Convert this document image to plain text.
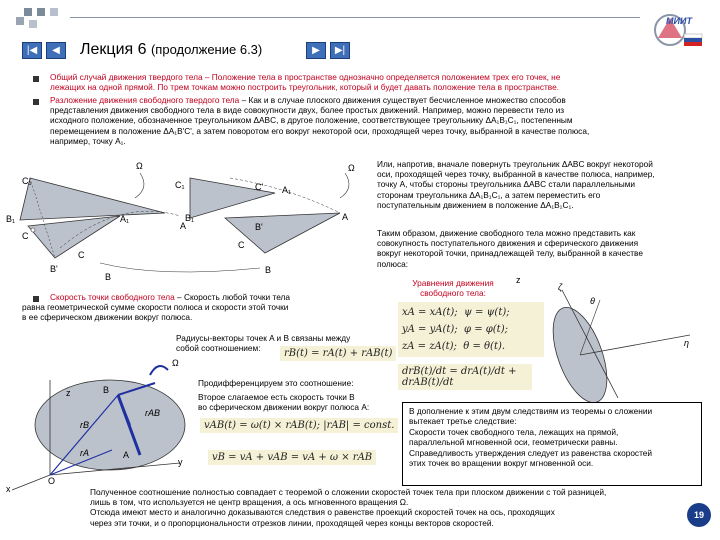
МИИТ
|◀	◀	Лекция 6 (продолжение 6.3)	▶	▶|
Общий случай движения твердого тела – Положение тела в пространстве однозначно определяется положением трех его точек, не
лежащих на одной прямой. По трем точкам можно построить треугольник, который и будет давать положение тела в пространстве.
Разложение движения свободного твердого тела – Как и в случае плоского движения существует бесчисленное множество способов
представления движения свободного тела в виде совокупности двух, более простых движений. Например, можно перевести тело из
исходного положение, обозначенное треугольником ΔABC, в другое положение, соответствующее треугольнику ΔA₁B₁C₁, постепенным
перемещением в положение ΔA₁B'C', а затем поворотом его вокруг некоторой оси, проходящей через точку, выбранной в качестве полюса,
например, точку A₁.
Или, напротив, вначале повернуть треугольник ΔABC вокруг некоторой
оси, проходящей через точку, выбранной в качестве полюса, например,
точку A, чтобы стороны треугольника ΔABC стали параллельными
сторонам треугольника ΔA₁B₁C₁, а затем переместить его
поступательным движением в положение ΔA₁B₁C₁.
Ω	Ω
C₁	C₁	C' A₁
B₁	A₁	B₁
A
A
B'
C
C
C
B'
B
B
Таким образом, движение свободного тела можно представить как
совокупность поступательного движения и сферического движения
вокруг некоторой точки, принадлежащей телу, выбранной в качестве
полюса:
Уравнения движения
свободного тела:
xA = xA(t); ψ = ψ(t);
yA = yA(t); φ = φ(t);
zA = zA(t); θ = θ(t).
z
ζ
θ
η
Скорость точки свободного тела – Скорость любой точки тела
равна геометрической сумме скорости полюса и скорости этой точки
в ее сферическом движении вокруг полюса.
Радиусы-векторы точек A и B связаны между
собой соотношением:	rB(t) = rA(t) + rAB(t)
Продифференцируем это соотношение:
drB(t)/dt = drA(t)/dt + drAB(t)/dt
Второе слагаемое есть скорость точки B
во сферическом движении вокруг полюса A:
vAB(t) = ω(t) × rAB(t); |rAB| = const.
vB = vA + vAB = vA + ω × rAB
Ω
z	B
rB
rA
rAB
A
y
O
x
В дополнение к этим двум следствиям из теоремы о сложении
вытекает третье следствие:
Скорости точек свободного тела, лежащих на прямой,
параллельной мгновенной оси, геометрически равны.
Справедливость утверждения следует из равенства скоростей
этих точек во вращении вокруг мгновенной оси.
Полученное соотношение полностью совпадает с теоремой о сложении скоростей точек тела при плоском движении с той разницей,
лишь в том, что используется не центр вращения, а ось мгновенного вращения Ω.
Отсюда имеют место и аналогично доказываются следствия о равенстве проекций скоростей точек на ось, проходящих
через эти точки, и о пропорциональности отрезков линии, проходящей через концы векторов скоростей.
19
